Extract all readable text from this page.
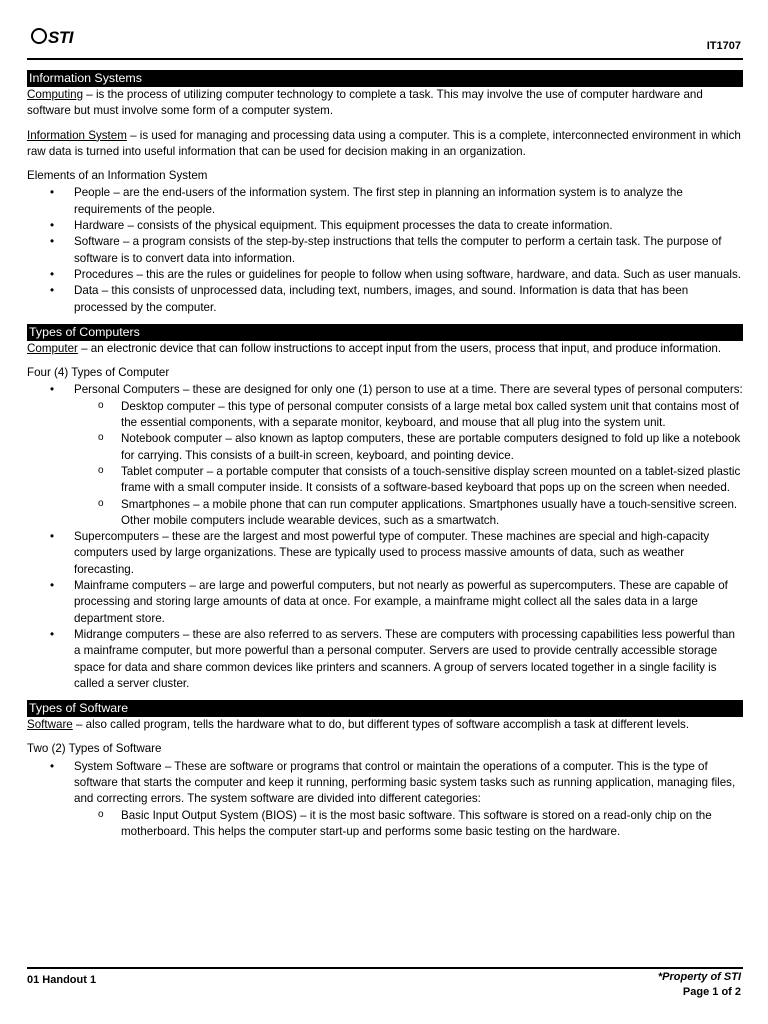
STI	IT1707
Information Systems

Computing – is the process of utilizing computer technology to complete a task. This may involve the use of computer hardware and software but must involve some form of a computer system.

Information System – is used for managing and processing data using a computer. This is a complete, interconnected environment in which raw data is turned into useful information that can be used for decision making in an organization.

Elements of an Information System

• People – are the end-users of the information system. The first step in planning an information system is to analyze the requirements of the people.
• Hardware – consists of the physical equipment. This equipment processes the data to create information.
• Software – a program consists of the step-by-step instructions that tells the computer to perform a certain task. The purpose of software is to convert data into information.
• Procedures – this are the rules or guidelines for people to follow when using software, hardware, and data. Such as user manuals.
• Data – this consists of unprocessed data, including text, numbers, images, and sound. Information is data that has been processed by the computer.
Types of Computers

Computer – an electronic device that can follow instructions to accept input from the users, process that input, and produce information.

Four (4) Types of Computer

• Personal Computers – these are designed for only one (1) person to use at a time. There are several types of personal computers:
o Desktop computer – this type of personal computer consists of a large metal box called system unit that contains most of the essential components, with a separate monitor, keyboard, and mouse that all plug into the system unit.
o Notebook computer – also known as laptop computers, these are portable computers designed to fold up like a notebook for carrying. This consists of a built-in screen, keyboard, and pointing device.
o Tablet computer – a portable computer that consists of a touch-sensitive display screen mounted on a tablet-sized plastic frame with a small computer inside. It consists of a software-based keyboard that pops up on the screen when needed.
o Smartphones – a mobile phone that can run computer applications. Smartphones usually have a touch-sensitive screen. Other mobile computers include wearable devices, such as a smartwatch.
• Supercomputers – these are the largest and most powerful type of computer. These machines are special and high-capacity computers used by large organizations. These are typically used to process massive amounts of data, such as weather forecasting.
• Mainframe computers – are large and powerful computers, but not nearly as powerful as supercomputers. These are capable of processing and storing large amounts of data at once. For example, a mainframe might collect all the sales data in a large department store.
• Midrange computers – these are also referred to as servers. These are computers with processing capabilities less powerful than a mainframe computer, but more powerful than a personal computer. Servers are used to provide centrally accessible storage space for data and share common devices like printers and scanners. A group of servers located together in a single facility is called a server cluster.
Types of Software

Software – also called program, tells the hardware what to do, but different types of software accomplish a task at different levels.

Two (2) Types of Software

• System Software – These are software or programs that control or maintain the operations of a computer. This is the type of software that starts the computer and keep it running, performing basic system tasks such as running application, managing files, and correcting errors. The system software are divided into different categories:
o Basic Input Output System (BIOS) – it is the most basic software. This software is stored on a read-only chip on the motherboard. This helps the computer start-up and performs some basic testing on the hardware.
01 Handout 1	*Property of STI
Page 1 of 2
